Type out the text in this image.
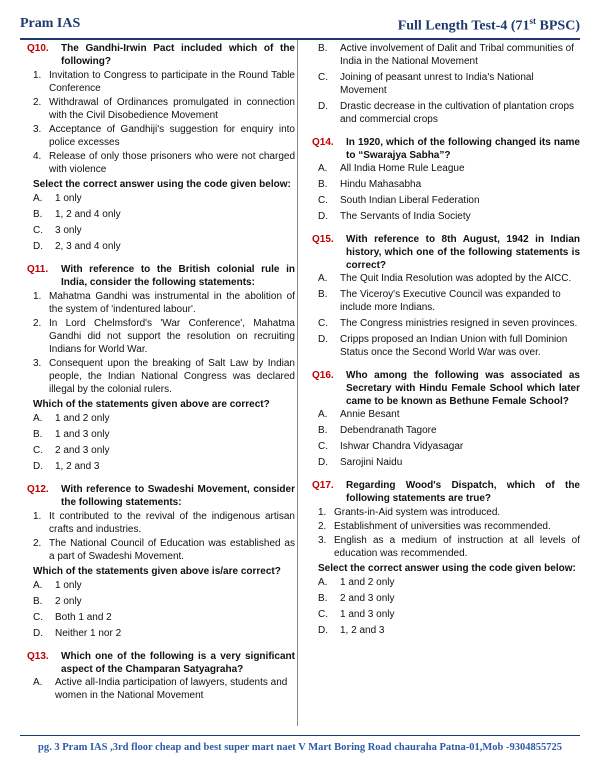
Pram IAS	Full Length Test-4 (71st BPSC)
Q10.	The Gandhi-Irwin Pact included which of the following?
1. Invitation to Congress to participate in the Round Table Conference
2. Withdrawal of Ordinances promulgated in connection with the Civil Disobedience Movement
3. Acceptance of Gandhiji's suggestion for enquiry into police excesses
4. Release of only those prisoners who were not charged with violence
Select the correct answer using the code given below:
A.	1 only
B.	1, 2 and 4 only
C.	3 only
D.	2, 3 and 4 only
Q11.	With reference to the British colonial rule in India, consider the following statements:
1. Mahatma Gandhi was instrumental in the abolition of the system of 'indentured labour'.
2. In Lord Chelmsford's 'War Conference', Mahatma Gandhi did not support the resolution on recruiting Indians for World War.
3. Consequent upon the breaking of Salt Law by Indian people, the Indian National Congress was declared illegal by the colonial rulers.
Which of the statements given above are correct?
A.	1 and 2 only
B.	1 and 3 only
C.	2 and 3 only
D.	1, 2 and 3
Q12.	With reference to Swadeshi Movement, consider the following statements:
1. It contributed to the revival of the indigenous artisan crafts and industries.
2. The National Council of Education was established as a part of Swadeshi Movement.
Which of the statements given above is/are correct?
A.	1 only
B.	2 only
C.	Both 1 and 2
D.	Neither 1 nor 2
Q13.	Which one of the following is a very significant aspect of the Champaran Satyagraha?
A.	Active all-India participation of lawyers, students and women in the National Movement
B.	Active involvement of Dalit and Tribal communities of India in the National Movement
C.	Joining of peasant unrest to India's National Movement
D.	Drastic decrease in the cultivation of plantation crops and commercial crops
Q14.	In 1920, which of the following changed its name to “Swarajya Sabha”?
A.	All India Home Rule League
B.	Hindu Mahasabha
C.	South Indian Liberal Federation
D.	The Servants of India Society
Q15.	With reference to 8th August, 1942 in Indian history, which one of the following statements is correct?
A.	The Quit India Resolution was adopted by the AICC.
B.	The Viceroy's Executive Council was expanded to include more Indians.
C.	The Congress ministries resigned in seven provinces.
D.	Cripps proposed an Indian Union with full Dominion Status once the Second World War was over.
Q16.	Who among the following was associated as Secretary with Hindu Female School which later came to be known as Bethune Female School?
A.	Annie Besant
B.	Debendranath Tagore
C.	Ishwar Chandra Vidyasagar
D.	Sarojini Naidu
Q17.	Regarding Wood's Dispatch, which of the following statements are true?
1. Grants-in-Aid system was introduced.
2. Establishment of universities was recommended.
3. English as a medium of instruction at all levels of education was recommended.
Select the correct answer using the code given below:
A.	1 and 2 only
B.	2 and 3 only
C.	1 and 3 only
D.	1, 2 and 3
pg. 3 Pram IAS ,3rd floor cheap and best super mart naet V Mart Boring Road chauraha Patna-01,Mob -9304855725
